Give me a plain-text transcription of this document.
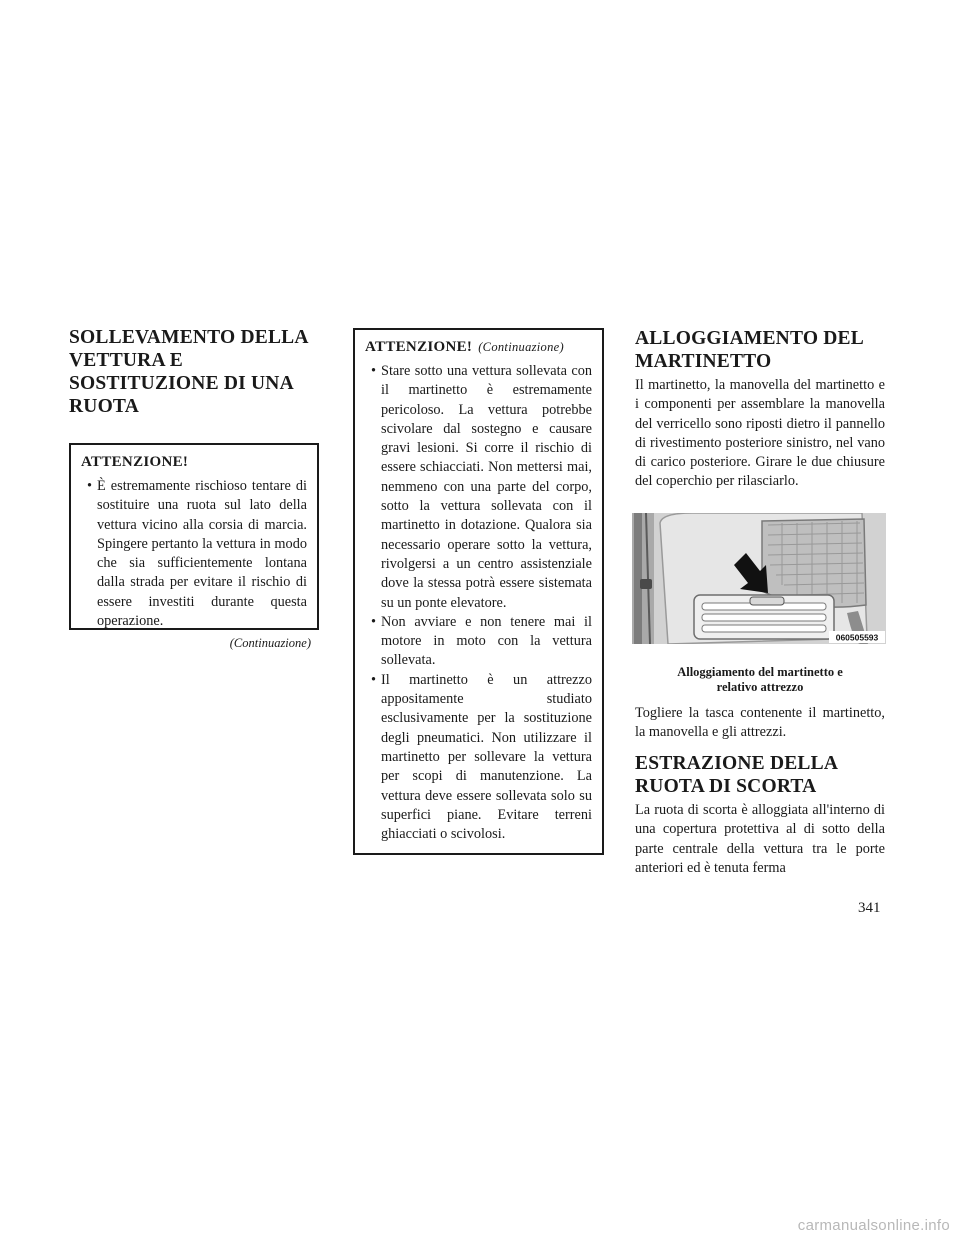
SOLLEVAMENTO DELLA VETTURA E SOSTITUZIONE DI UNA RUOTA
ATTENZIONE!
• È estremamente rischioso tentare di sostituire una ruota sul lato della vettura vicino alla corsia di marcia. Spingere pertanto la vettura in modo che sia sufficientemente lontana dalla strada per evitare il rischio di essere investiti durante questa operazione.
(Continuazione)
ATTENZIONE! (Continuazione)
• Stare sotto una vettura sollevata con il martinetto è estremamente pericoloso. La vettura potrebbe scivolare dal sostegno e causare gravi lesioni. Si corre il rischio di essere schiacciati. Non mettersi mai, nemmeno con una parte del corpo, sotto la vettura sollevata con il martinetto in dotazione. Qualora sia necessario operare sotto la vettura, rivolgersi a un centro assistenziale dove la stessa potrà essere sistemata su un ponte elevatore.
• Non avviare e non tenere mai il motore in moto con la vettura sollevata.
• Il martinetto è un attrezzo appositamente studiato esclusivamente per la sostituzione degli pneumatici. Non utilizzare il martinetto per sollevare la vettura per scopi di manutenzione. La vettura deve essere sollevata solo su superfici piane. Evitare terreni ghiacciati o scivolosi.
ALLOGGIAMENTO DEL MARTINETTO

Il martinetto, la manovella del martinetto e i componenti per assemblare la manovella del verricello sono riposti dietro il pannello di rivestimento posteriore sinistro, nel vano di carico posteriore. Girare le due chiusure del coperchio per rilasciarlo.

060505593
Alloggiamento del martinetto e
relativo attrezzo

Togliere la tasca contenente il martinetto, la manovella e gli attrezzi.

ESTRAZIONE DELLA RUOTA DI SCORTA

La ruota di scorta è alloggiata all'interno di una copertura protettiva al di sotto della parte centrale della vettura tra le porte anteriori ed è tenuta ferma

341
carmanualsonline.info
